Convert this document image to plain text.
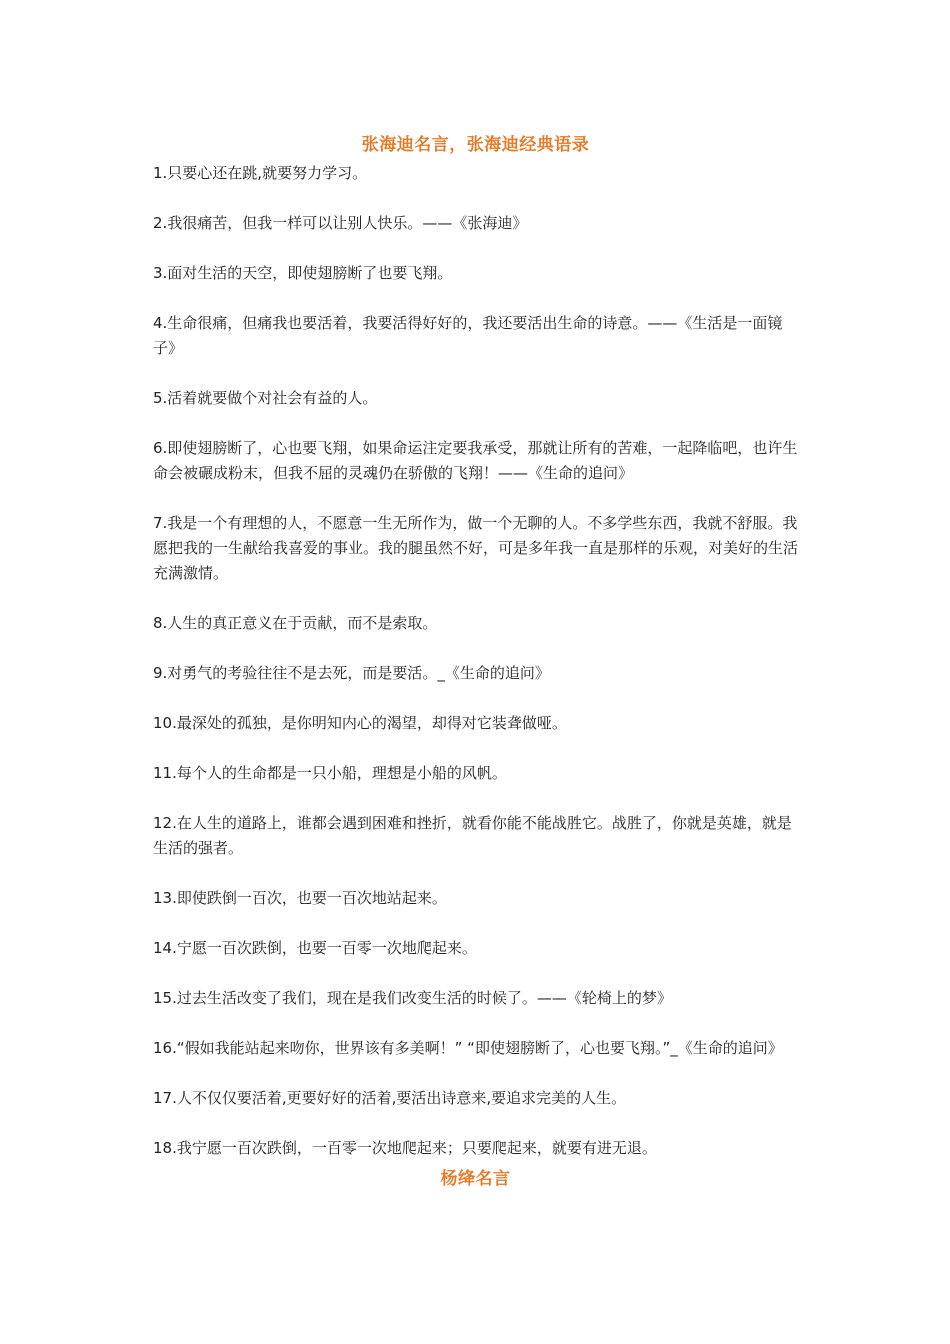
张海迪名言，张海迪经典语录

1.只要心还在跳,就要努力学习。

2.我很痛苦，但我一样可以让别人快乐。——《张海迪》

3.面对生活的天空，即使翅膀断了也要飞翔。

4.生命很痛，但痛我也要活着，我要活得好好的，我还要活出生命的诗意。——《生活是一面镜子》

5.活着就要做个对社会有益的人。

6.即使翅膀断了，心也要飞翔，如果命运注定要我承受，那就让所有的苦难，一起降临吧，也许生命会被碾成粉末，但我不屈的灵魂仍在骄傲的飞翔！——《生命的追问》

7.我是一个有理想的人，不愿意一生无所作为，做一个无聊的人。不多学些东西，我就不舒服。我愿把我的一生献给我喜爱的事业。我的腿虽然不好，可是多年我一直是那样的乐观，对美好的生活充满激情。

8.人生的真正意义在于贡献，而不是索取。

9.对勇气的考验往往不是去死，而是要活。_《生命的追问》

10.最深处的孤独，是你明知内心的渴望，却得对它装聋做哑。

11.每个人的生命都是一只小船，理想是小船的风帆。

12.在人生的道路上，谁都会遇到困难和挫折，就看你能不能战胜它。战胜了，你就是英雄，就是生活的强者。

13.即使跌倒一百次，也要一百次地站起来。

14.宁愿一百次跌倒，也要一百零一次地爬起来。

15.过去生活改变了我们，现在是我们改变生活的时候了。——《轮椅上的梦》

16.“假如我能站起来吻你，世界该有多美啊！” “即使翅膀断了，心也要飞翔。”_《生命的追问》

17.人不仅仅要活着,更要好好的活着,要活出诗意来,要追求完美的人生。

18.我宁愿一百次跌倒，一百零一次地爬起来；只要爬起来，就要有进无退。

杨绛名言
